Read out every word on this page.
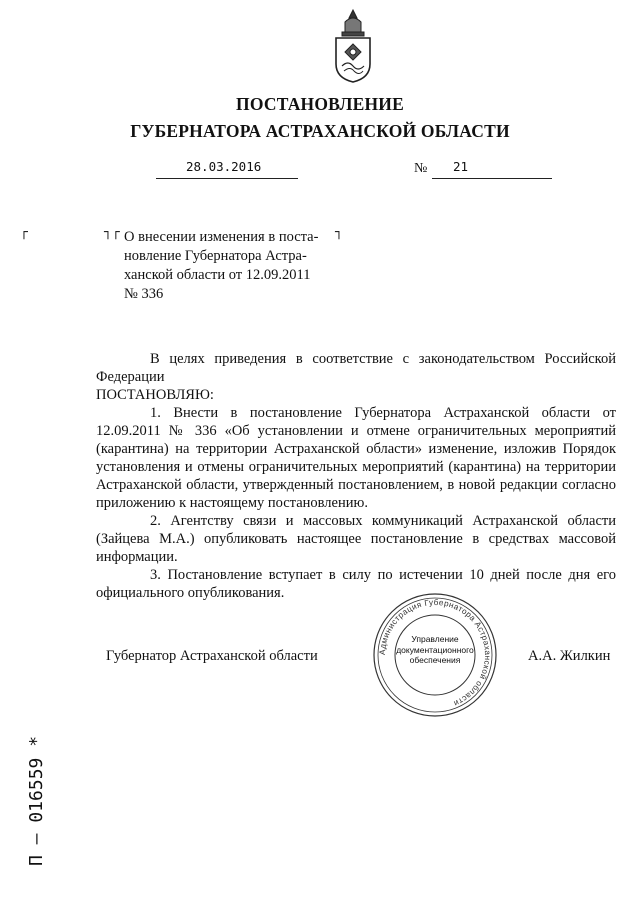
ПОСТАНОВЛЕНИЕ
ГУБЕРНАТОРА АСТРАХАНСКОЙ ОБЛАСТИ
28.03.2016	№ 21
┌	┐┌	┐
О внесении изменения в поста-
новление Губернатора Астра-
ханской области от 12.09.2011
№ 336

В целях приведения в соответствие с законодательством Российской Федерации

ПОСТАНОВЛЯЮ:

1. Внести в постановление Губернатора Астраханской области от 12.09.2011 № 336 «Об установлении и отмене ограничительных мероприятий (карантина) на территории Астраханской области» изменение, изложив Порядок установления и отмены ограничительных мероприятий (карантина) на территории Астраханской области, утвержденный постановлением, в новой редакции согласно приложению к настоящему постановлению.

2. Агентству связи и массовых коммуникаций Астраханской области (Зайцева М.А.) опубликовать настоящее постановление в средствах массовой информации.

3. Постановление вступает в силу по истечении 10 дней после дня его официального опубликования.

Губернатор Астраханской области	А.А. Жилкин
Администрация Губернатора Астраханской области
Управление
документационного
обеспечения
П – 016559 *
